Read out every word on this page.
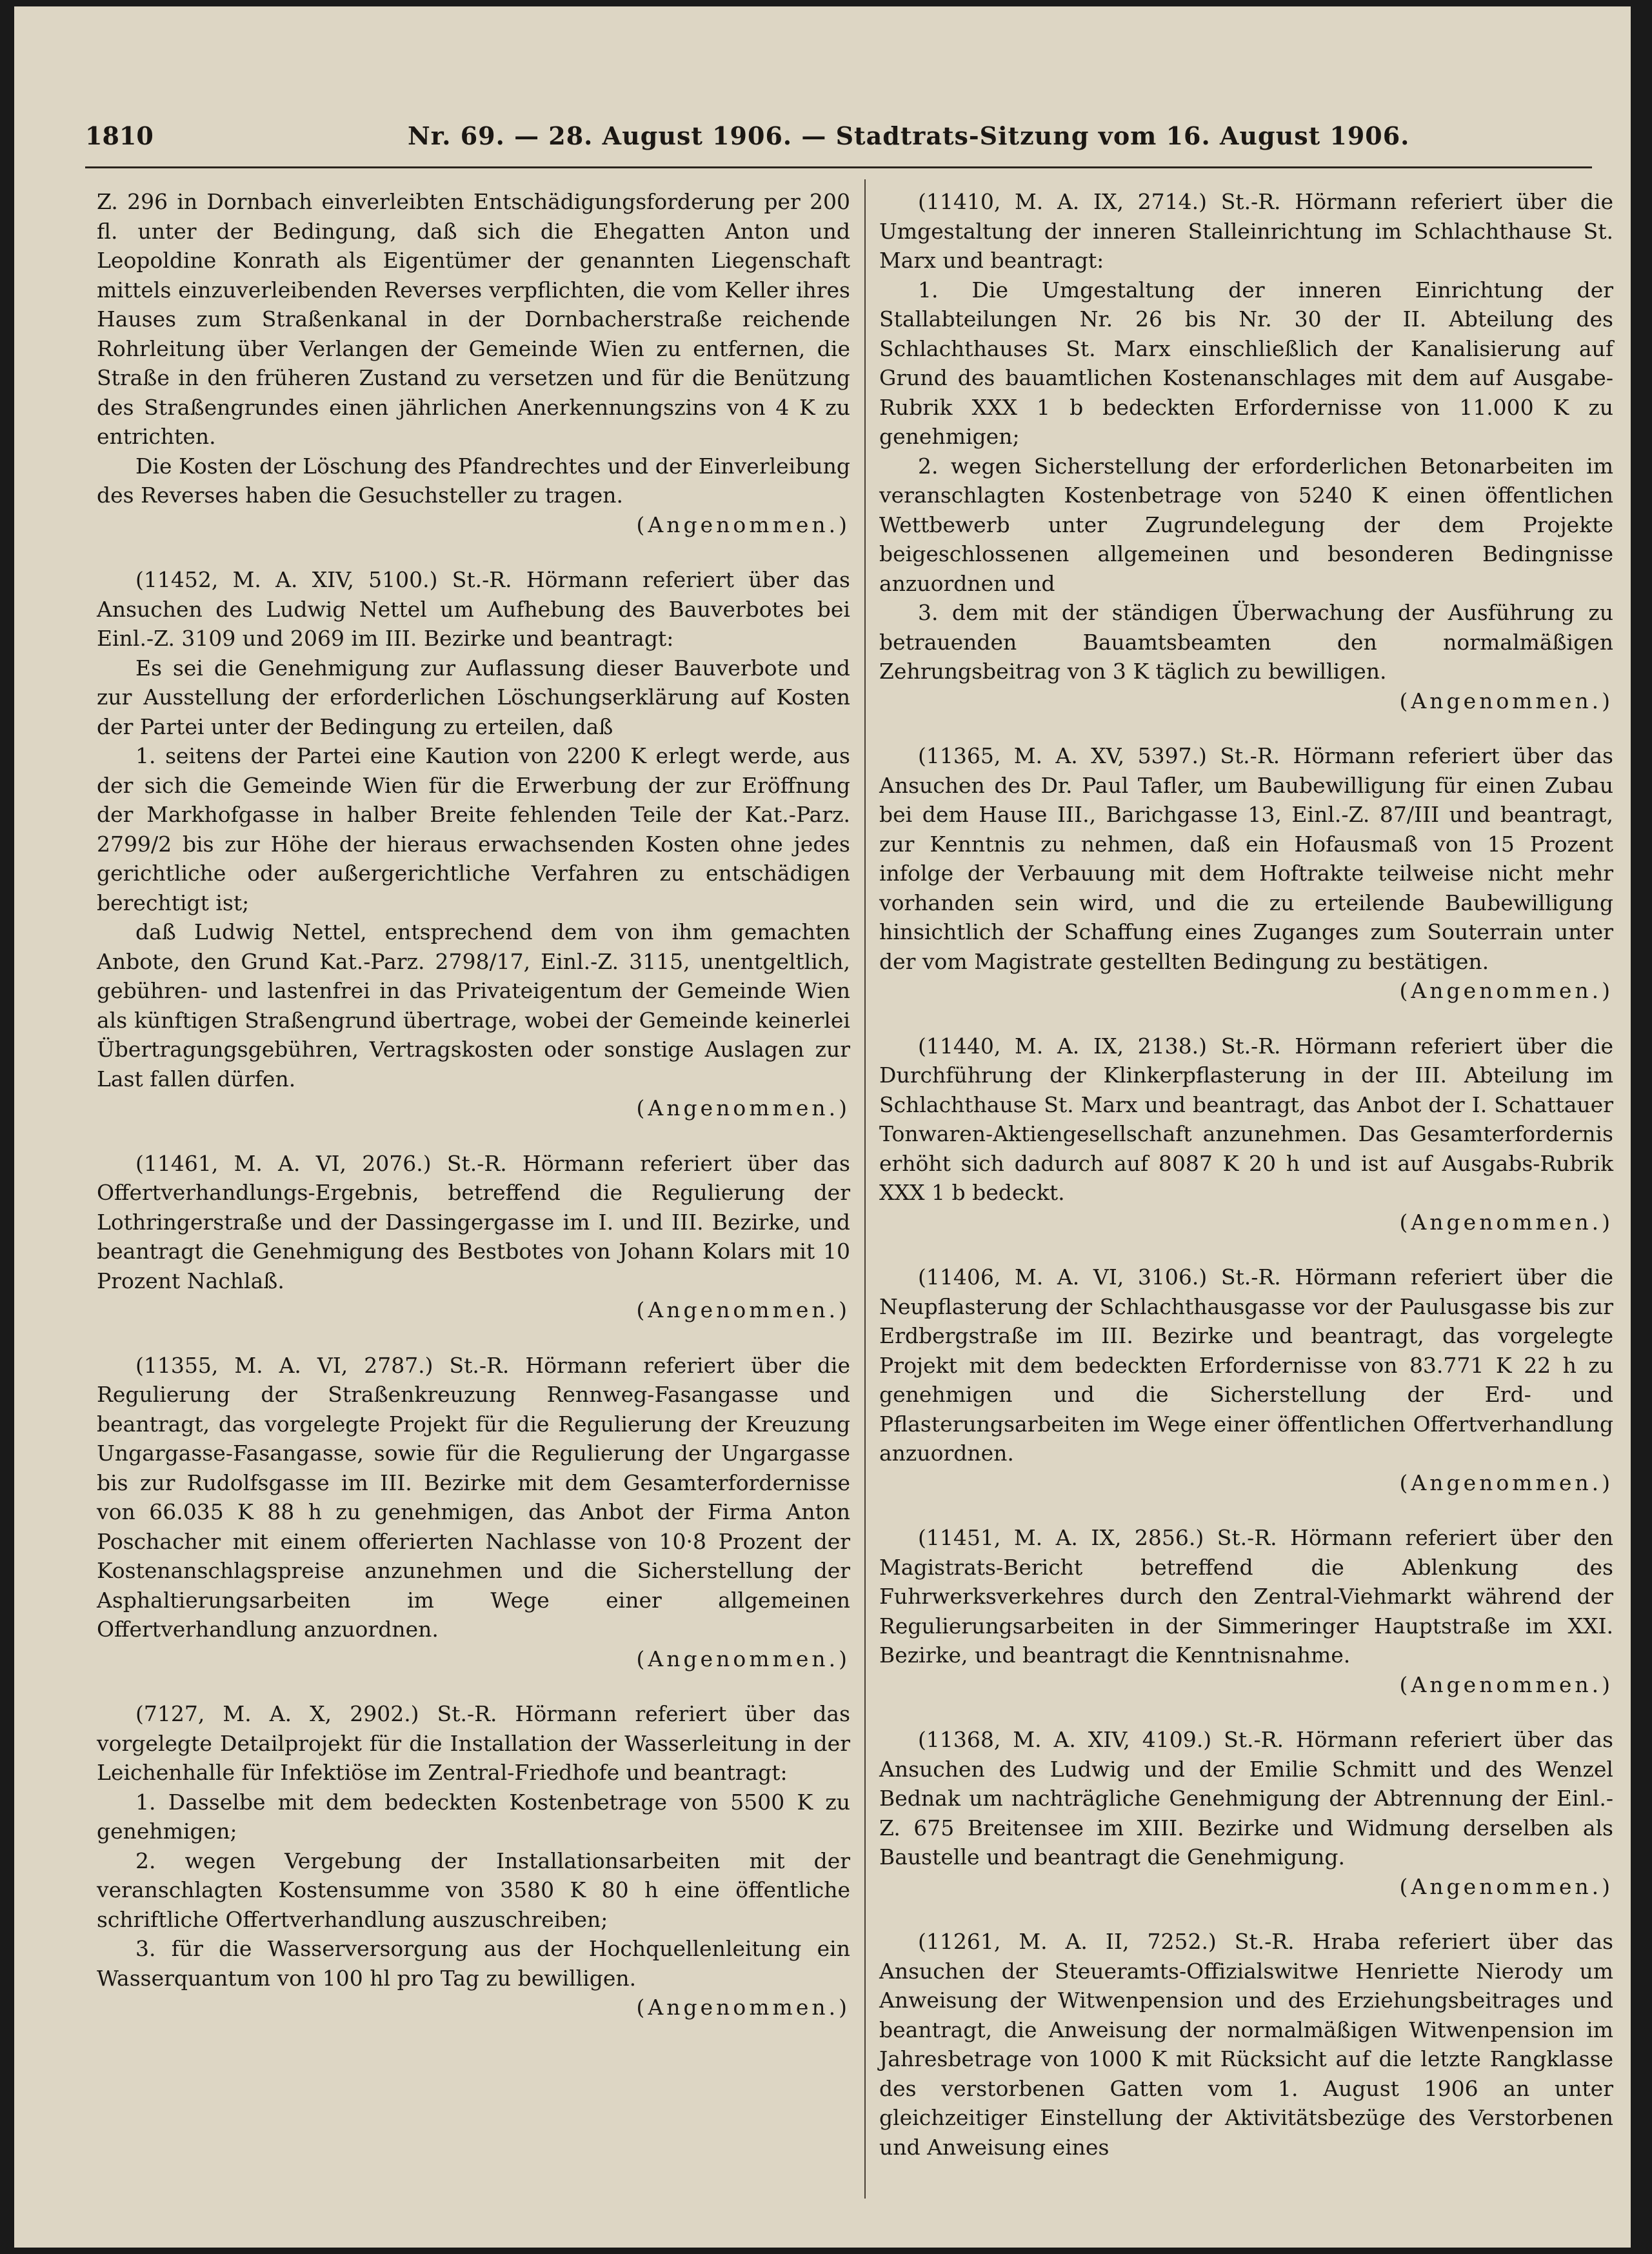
1810	Nr. 69. — 28. August 1906. — Stadtrats-Sitzung vom 16. August 1906.

Z. 296 in Dornbach einverleibten Entschädigungsforderung per 200 fl. unter der Bedingung, daß sich die Ehegatten Anton und Leopoldine Konrath als Eigentümer der genannten Liegenschaft mittels einzuverleibenden Reverses verpflichten, die vom Keller ihres Hauses zum Straßenkanal in der Dornbacherstraße reichende Rohrleitung über Verlangen der Gemeinde Wien zu entfernen, die Straße in den früheren Zustand zu versetzen und für die Benützung des Straßengrundes einen jährlichen Anerkennungszins von 4 K zu entrichten.

Die Kosten der Löschung des Pfandrechtes und der Einverleibung des Reverses haben die Gesuchsteller zu tragen.

(Angenommen.)

(11452, M. A. XIV, 5100.) St.-R. Hörmann referiert über das Ansuchen des Ludwig Nettel um Aufhebung des Bauverbotes bei Einl.-Z. 3109 und 2069 im III. Bezirke und beantragt:

Es sei die Genehmigung zur Auflassung dieser Bauverbote und zur Ausstellung der erforderlichen Löschungserklärung auf Kosten der Partei unter der Bedingung zu erteilen, daß

1. seitens der Partei eine Kaution von 2200 K erlegt werde, aus der sich die Gemeinde Wien für die Erwerbung der zur Eröffnung der Markhofgasse in halber Breite fehlenden Teile der Kat.-Parz. 2799/2 bis zur Höhe der hieraus erwachsenden Kosten ohne jedes gerichtliche oder außergerichtliche Verfahren zu entschädigen berechtigt ist;

daß Ludwig Nettel, entsprechend dem von ihm gemachten Anbote, den Grund Kat.-Parz. 2798/17, Einl.-Z. 3115, unentgeltlich, gebühren- und lastenfrei in das Privateigentum der Gemeinde Wien als künftigen Straßengrund übertrage, wobei der Gemeinde keinerlei Übertragungsgebühren, Vertragskosten oder sonstige Auslagen zur Last fallen dürfen.

(Angenommen.)

(11461, M. A. VI, 2076.) St.-R. Hörmann referiert über das Offertverhandlungs-Ergebnis, betreffend die Regulierung der Lothringerstraße und der Dassingergasse im I. und III. Bezirke, und beantragt die Genehmigung des Bestbotes von Johann Kolars mit 10 Prozent Nachlaß.

(Angenommen.)

(11355, M. A. VI, 2787.) St.-R. Hörmann referiert über die Regulierung der Straßenkreuzung Rennweg-Fasangasse und beantragt, das vorgelegte Projekt für die Regulierung der Kreuzung Ungargasse-Fasangasse, sowie für die Regulierung der Ungargasse bis zur Rudolfsgasse im III. Bezirke mit dem Gesamterfordernisse von 66.035 K 88 h zu genehmigen, das Anbot der Firma Anton Poschacher mit einem offerierten Nachlasse von 10·8 Prozent der Kostenanschlagspreise anzunehmen und die Sicherstellung der Asphaltierungsarbeiten im Wege einer allgemeinen Offertverhandlung anzuordnen.

(Angenommen.)

(7127, M. A. X, 2902.) St.-R. Hörmann referiert über das vorgelegte Detailprojekt für die Installation der Wasserleitung in der Leichenhalle für Infektiöse im Zentral-Friedhofe und beantragt:

1. Dasselbe mit dem bedeckten Kostenbetrage von 5500 K zu genehmigen;

2. wegen Vergebung der Installationsarbeiten mit der veranschlagten Kostensumme von 3580 K 80 h eine öffentliche schriftliche Offertverhandlung auszuschreiben;

3. für die Wasserversorgung aus der Hochquellenleitung ein Wasserquantum von 100 hl pro Tag zu bewilligen.

(Angenommen.)

(11410, M. A. IX, 2714.) St.-R. Hörmann referiert über die Umgestaltung der inneren Stalleinrichtung im Schlachthause St. Marx und beantragt:

1. Die Umgestaltung der inneren Einrichtung der Stallabteilungen Nr. 26 bis Nr. 30 der II. Abteilung des Schlachthauses St. Marx einschließlich der Kanalisierung auf Grund des bauamtlichen Kostenanschlages mit dem auf Ausgabe-Rubrik XXX 1 b bedeckten Erfordernisse von 11.000 K zu genehmigen;

2. wegen Sicherstellung der erforderlichen Betonarbeiten im veranschlagten Kostenbetrage von 5240 K einen öffentlichen Wettbewerb unter Zugrundelegung der dem Projekte beigeschlossenen allgemeinen und besonderen Bedingnisse anzuordnen und

3. dem mit der ständigen Überwachung der Ausführung zu betrauenden Bauamtsbeamten den normalmäßigen Zehrungsbeitrag von 3 K täglich zu bewilligen.

(Angenommen.)

(11365, M. A. XV, 5397.) St.-R. Hörmann referiert über das Ansuchen des Dr. Paul Tafler, um Baubewilligung für einen Zubau bei dem Hause III., Barichgasse 13, Einl.-Z. 87/III und beantragt, zur Kenntnis zu nehmen, daß ein Hofausmaß von 15 Prozent infolge der Verbauung mit dem Hoftrakte teilweise nicht mehr vorhanden sein wird, und die zu erteilende Baubewilligung hinsichtlich der Schaffung eines Zuganges zum Souterrain unter der vom Magistrate gestellten Bedingung zu bestätigen.

(Angenommen.)

(11440, M. A. IX, 2138.) St.-R. Hörmann referiert über die Durchführung der Klinkerpflasterung in der III. Abteilung im Schlachthause St. Marx und beantragt, das Anbot der I. Schattauer Tonwaren-Aktiengesellschaft anzunehmen. Das Gesamterfordernis erhöht sich dadurch auf 8087 K 20 h und ist auf Ausgabs-Rubrik XXX 1 b bedeckt.

(Angenommen.)

(11406, M. A. VI, 3106.) St.-R. Hörmann referiert über die Neupflasterung der Schlachthausgasse vor der Paulusgasse bis zur Erdbergstraße im III. Bezirke und beantragt, das vorgelegte Projekt mit dem bedeckten Erfordernisse von 83.771 K 22 h zu genehmigen und die Sicherstellung der Erd- und Pflasterungsarbeiten im Wege einer öffentlichen Offertverhandlung anzuordnen.

(Angenommen.)

(11451, M. A. IX, 2856.) St.-R. Hörmann referiert über den Magistrats-Bericht betreffend die Ablenkung des Fuhrwerksverkehres durch den Zentral-Viehmarkt während der Regulierungsarbeiten in der Simmeringer Hauptstraße im XXI. Bezirke, und beantragt die Kenntnisnahme.

(Angenommen.)

(11368, M. A. XIV, 4109.) St.-R. Hörmann referiert über das Ansuchen des Ludwig und der Emilie Schmitt und des Wenzel Bednak um nachträgliche Genehmigung der Abtrennung der Einl.-Z. 675 Breitensee im XIII. Bezirke und Widmung derselben als Baustelle und beantragt die Genehmigung.

(Angenommen.)

(11261, M. A. II, 7252.) St.-R. Hraba referiert über das Ansuchen der Steueramts-Offizialswitwe Henriette Nierody um Anweisung der Witwenpension und des Erziehungsbeitrages und beantragt, die Anweisung der normalmäßigen Witwenpension im Jahresbetrage von 1000 K mit Rücksicht auf die letzte Rangklasse des verstorbenen Gatten vom 1. August 1906 an unter gleichzeitiger Einstellung der Aktivitätsbezüge des Verstorbenen und Anweisung eines
